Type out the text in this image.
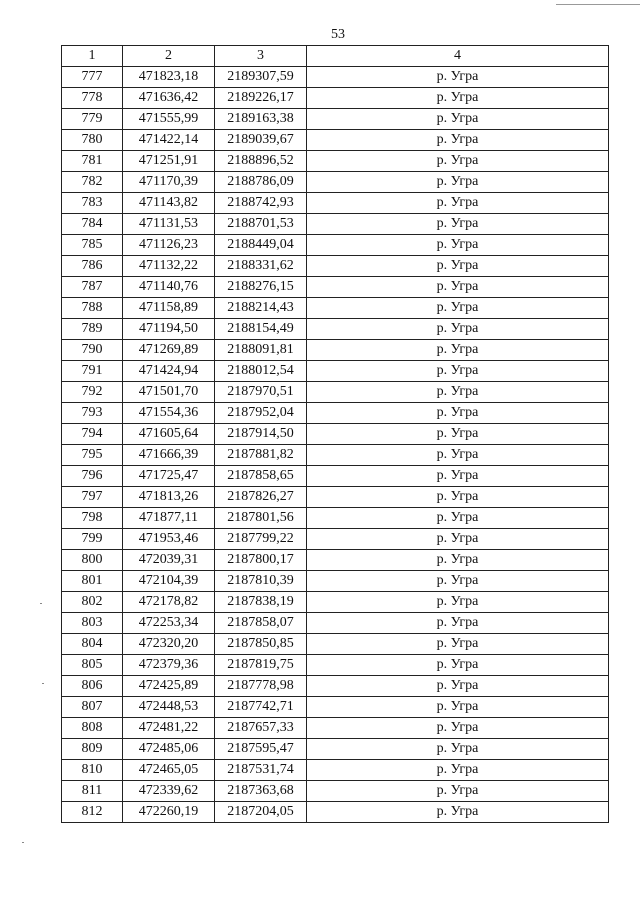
53
1	2	3	4
777	471823,18	2189307,59	р. Угра
778	471636,42	2189226,17	р. Угра
779	471555,99	2189163,38	р. Угра
780	471422,14	2189039,67	р. Угра
781	471251,91	2188896,52	р. Угра
782	471170,39	2188786,09	р. Угра
783	471143,82	2188742,93	р. Угра
784	471131,53	2188701,53	р. Угра
785	471126,23	2188449,04	р. Угра
786	471132,22	2188331,62	р. Угра
787	471140,76	2188276,15	р. Угра
788	471158,89	2188214,43	р. Угра
789	471194,50	2188154,49	р. Угра
790	471269,89	2188091,81	р. Угра
791	471424,94	2188012,54	р. Угра
792	471501,70	2187970,51	р. Угра
793	471554,36	2187952,04	р. Угра
794	471605,64	2187914,50	р. Угра
795	471666,39	2187881,82	р. Угра
796	471725,47	2187858,65	р. Угра
797	471813,26	2187826,27	р. Угра
798	471877,11	2187801,56	р. Угра
799	471953,46	2187799,22	р. Угра
800	472039,31	2187800,17	р. Угра
801	472104,39	2187810,39	р. Угра
802	472178,82	2187838,19	р. Угра
803	472253,34	2187858,07	р. Угра
804	472320,20	2187850,85	р. Угра
805	472379,36	2187819,75	р. Угра
806	472425,89	2187778,98	р. Угра
807	472448,53	2187742,71	р. Угра
808	472481,22	2187657,33	р. Угра
809	472485,06	2187595,47	р. Угра
810	472465,05	2187531,74	р. Угра
811	472339,62	2187363,68	р. Угра
812	472260,19	2187204,05	р. Угра
